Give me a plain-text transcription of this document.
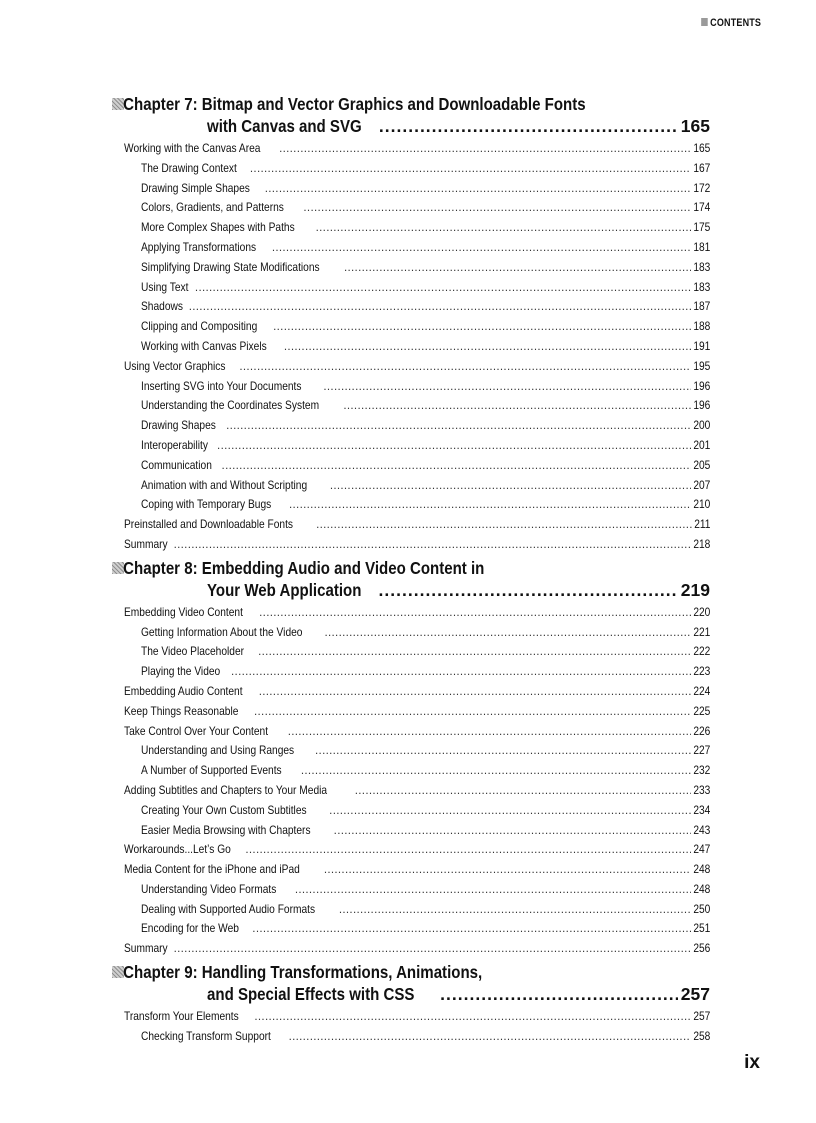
CONTENTS
Chapter 7: Bitmap and Vector Graphics and Downloadable Fonts
with Canvas and SVG .....	165
Working with the Canvas Area .....	165
The Drawing Context .....	167
Drawing Simple Shapes .....	172
Colors, Gradients, and Patterns .....	174
More Complex Shapes with Paths .....	175
Applying Transformations .....	181
Simplifying Drawing State Modifications .....	183
Using Text .....	183
Shadows .....	187
Clipping and Compositing .....	188
Working with Canvas Pixels .....	191
Using Vector Graphics .....	195
Inserting SVG into Your Documents .....	196
Understanding the Coordinates System .....	196
Drawing Shapes .....	200
Interoperability .....	201
Communication .....	205
Animation with and Without Scripting .....	207
Coping with Temporary Bugs .....	210
Preinstalled and Downloadable Fonts .....	211
Summary .....	218
Chapter 8: Embedding Audio and Video Content in
Your Web Application .....	219
Embedding Video Content .....	220
Getting Information About the Video .....	221
The Video Placeholder .....	222
Playing the Video .....	223
Embedding Audio Content .....	224
Keep Things Reasonable .....	225
Take Control Over Your Content .....	226
Understanding and Using Ranges .....	227
A Number of Supported Events .....	232
Adding Subtitles and Chapters to Your Media .....	233
Creating Your Own Custom Subtitles .....	234
Easier Media Browsing with Chapters .....	243
Workarounds...Let’s Go .....	247
Media Content for the iPhone and iPad .....	248
Understanding Video Formats .....	248
Dealing with Supported Audio Formats .....	250
Encoding for the Web .....	251
Summary .....	256
Chapter 9: Handling Transformations, Animations,
and Special Effects with CSS .....	257
Transform Your Elements .....	257
Checking Transform Support .....	258
ix
